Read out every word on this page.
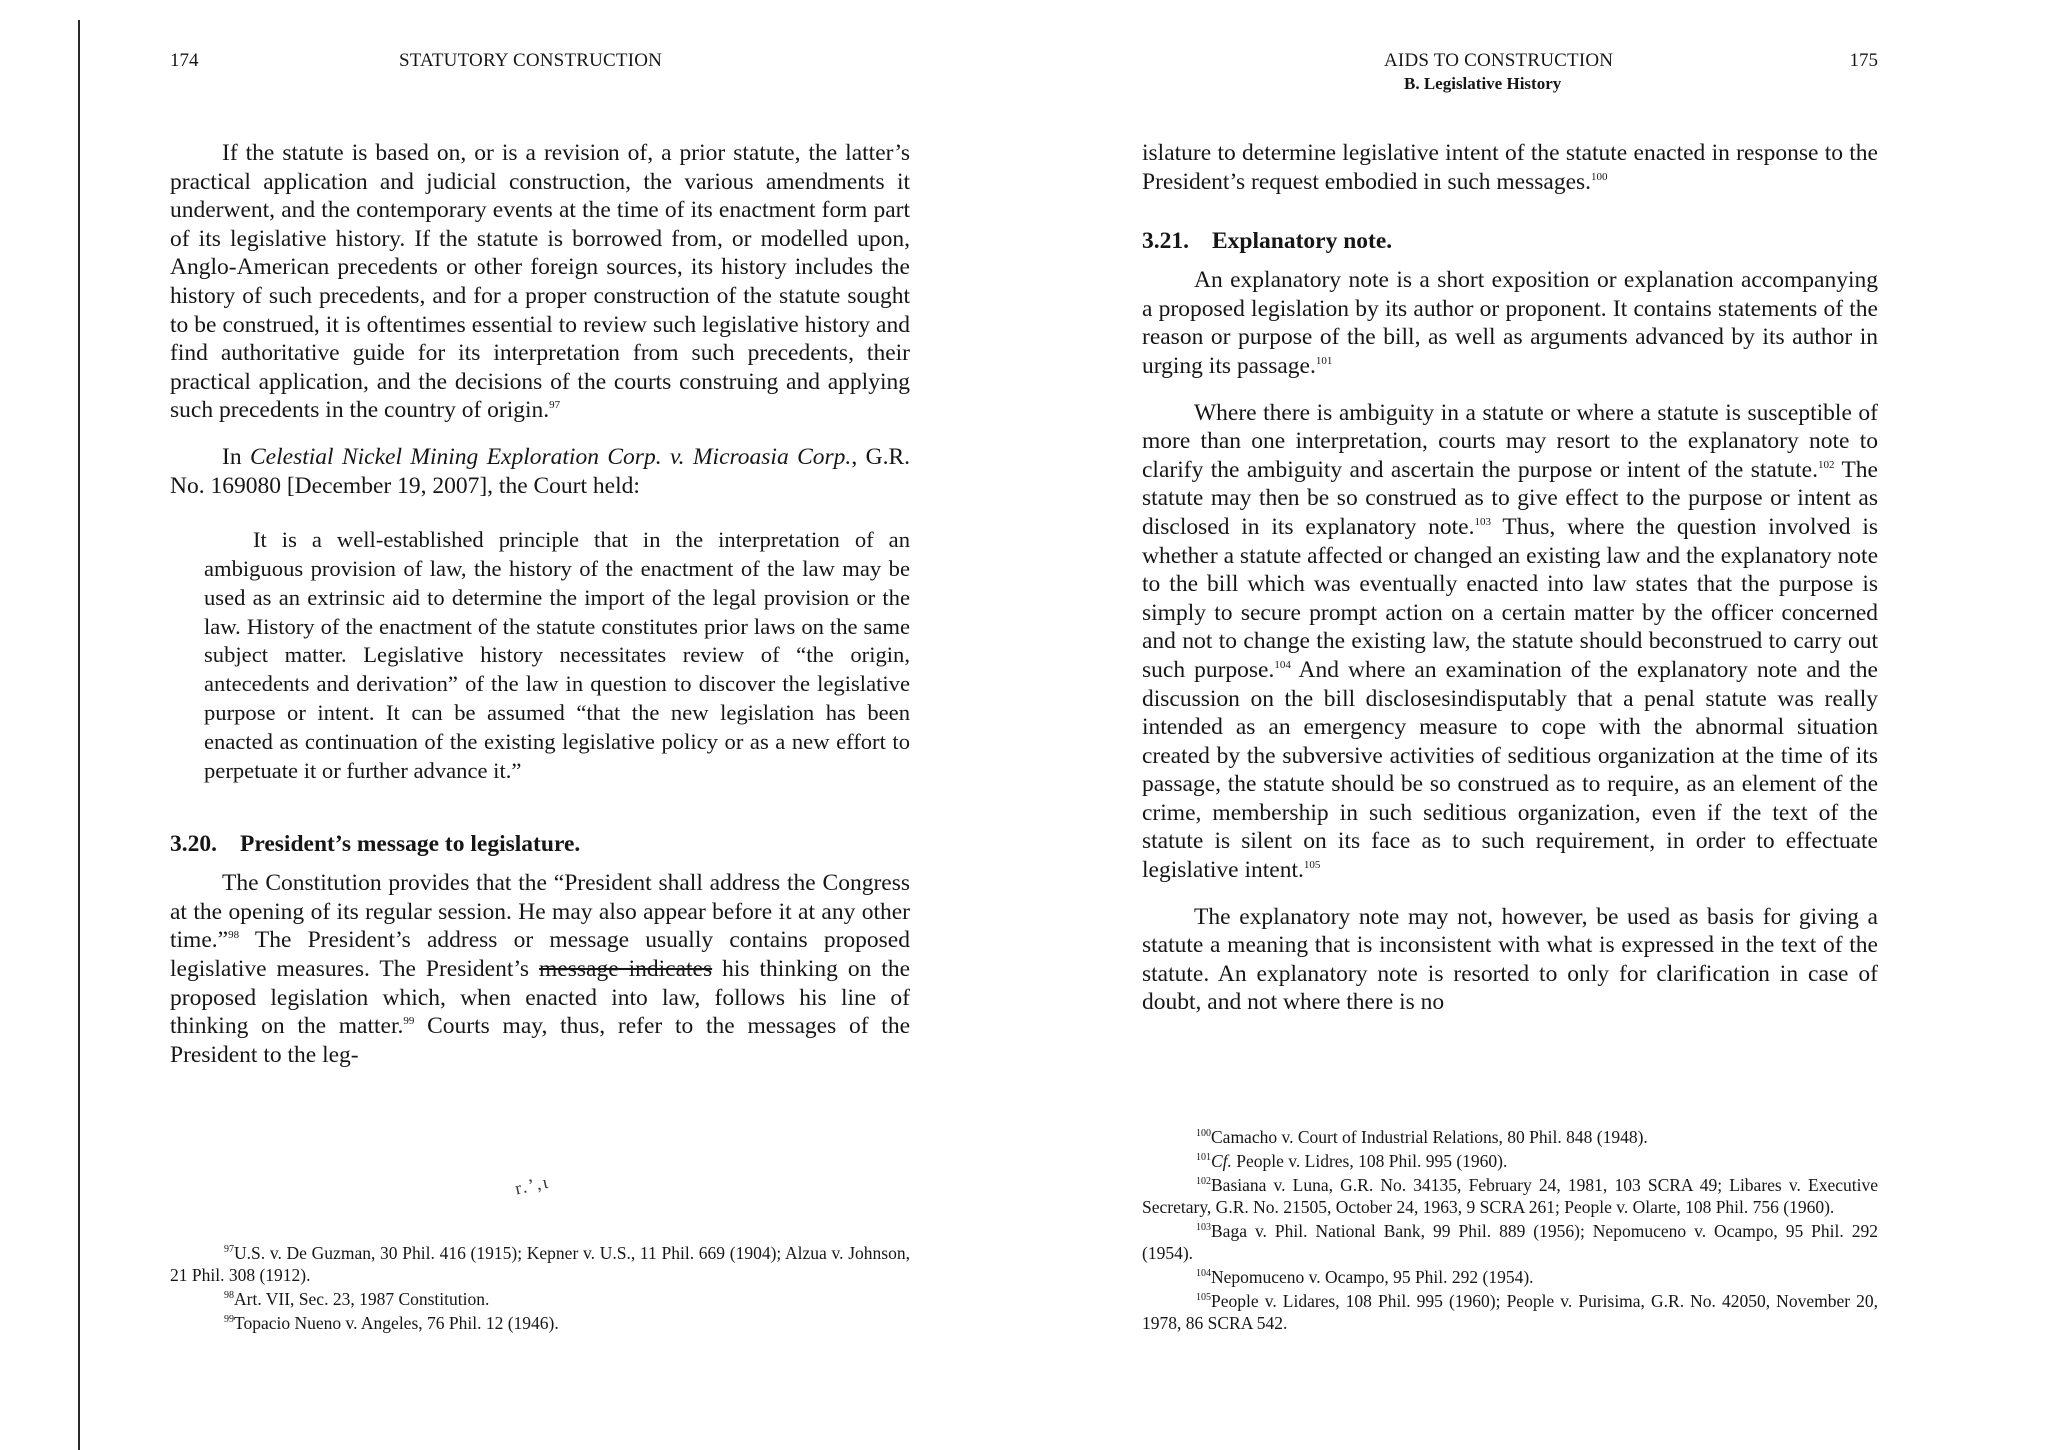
174	STATUTORY CONSTRUCTION

If the statute is based on, or is a revision of, a prior statute, the latter’s practical application and judicial construction, the various amendments it underwent, and the contemporary events at the time of its enactment form part of its legislative history. If the statute is borrowed from, or modelled upon, Anglo-American precedents or other foreign sources, its history includes the history of such precedents, and for a proper construction of the statute sought to be construed, it is oftentimes essential to review such legislative history and find authoritative guide for its interpretation from such precedents, their practical application, and the decisions of the courts construing and applying such precedents in the country of origin.$^{97}$

In Celestial Nickel Mining Exploration Corp. v. Microasia Corp., G.R. No. 169080 [December 19, 2007], the Court held:

It is a well-established principle that in the interpretation of an ambiguous provision of law, the history of the enactment of the law may be used as an extrinsic aid to determine the import of the legal provision or the law. History of the enactment of the statute constitutes prior laws on the same subject matter. Legislative history necessitates review of “the origin, antecedents and derivation” of the law in question to discover the legislative purpose or intent. It can be assumed “that the new legislation has been enacted as continuation of the existing legislative policy or as a new effort to perpetuate it or further advance it.”

3.20. President’s message to legislature.

The Constitution provides that the “President shall address the Congress at the opening of its regular session. He may also appear before it at any other time.”$^{98}$ The President’s address or message usually contains proposed legislative measures. The President’s message indicates his thinking on the proposed legislation which, when enacted into law, follows his line of thinking on the matter.$^{99}$ Courts may, thus, refer to the messages of the President to the leg-

r.’,ι

$^{97}$U.S. v. De Guzman, 30 Phil. 416 (1915); Kepner v. U.S., 11 Phil. 669 (1904); Alzua v. Johnson, 21 Phil. 308 (1912).

$^{98}$Art. VII, Sec. 23, 1987 Constitution.

$^{99}$Topacio Nueno v. Angeles, 76 Phil. 12 (1946).

AIDS TO CONSTRUCTION
B. Legislative History
175

islature to determine legislative intent of the statute enacted in response to the President’s request embodied in such messages.$^{100}$

3.21. Explanatory note.

An explanatory note is a short exposition or explanation accompanying a proposed legislation by its author or proponent. It contains statements of the reason or purpose of the bill, as well as arguments advanced by its author in urging its passage.$^{101}$

Where there is ambiguity in a statute or where a statute is susceptible of more than one interpretation, courts may resort to the explanatory note to clarify the ambiguity and ascertain the purpose or intent of the statute.$^{102}$ The statute may then be so construed as to give effect to the purpose or intent as disclosed in its explanatory note.$^{103}$ Thus, where the question involved is whether a statute affected or changed an existing law and the explanatory note to the bill which was eventually enacted into law states that the purpose is simply to secure prompt action on a certain matter by the officer concerned and not to change the existing law, the statute should beconstrued to carry out such purpose.$^{104}$ And where an examination of the explanatory note and the discussion on the bill disclosesindisputably that a penal statute was really intended as an emergency measure to cope with the abnormal situation created by the subversive activities of seditious organization at the time of its passage, the statute should be so construed as to require, as an element of the crime, membership in such seditious organization, even if the text of the statute is silent on its face as to such requirement, in order to effectuate legislative intent.$^{105}$

The explanatory note may not, however, be used as basis for giving a statute a meaning that is inconsistent with what is expressed in the text of the statute. An explanatory note is resorted to only for clarification in case of doubt, and not where there is no

$^{100}$Camacho v. Court of Industrial Relations, 80 Phil. 848 (1948).

$^{101}$Cf. People v. Lidres, 108 Phil. 995 (1960).

$^{102}$Basiana v. Luna, G.R. No. 34135, February 24, 1981, 103 SCRA 49; Libares v. Executive Secretary, G.R. No. 21505, October 24, 1963, 9 SCRA 261; People v. Olarte, 108 Phil. 756 (1960).

$^{103}$Baga v. Phil. National Bank, 99 Phil. 889 (1956); Nepomuceno v. Ocampo, 95 Phil. 292 (1954).

$^{104}$Nepomuceno v. Ocampo, 95 Phil. 292 (1954).

$^{105}$People v. Lidares, 108 Phil. 995 (1960); People v. Purisima, G.R. No. 42050, November 20, 1978, 86 SCRA 542.
